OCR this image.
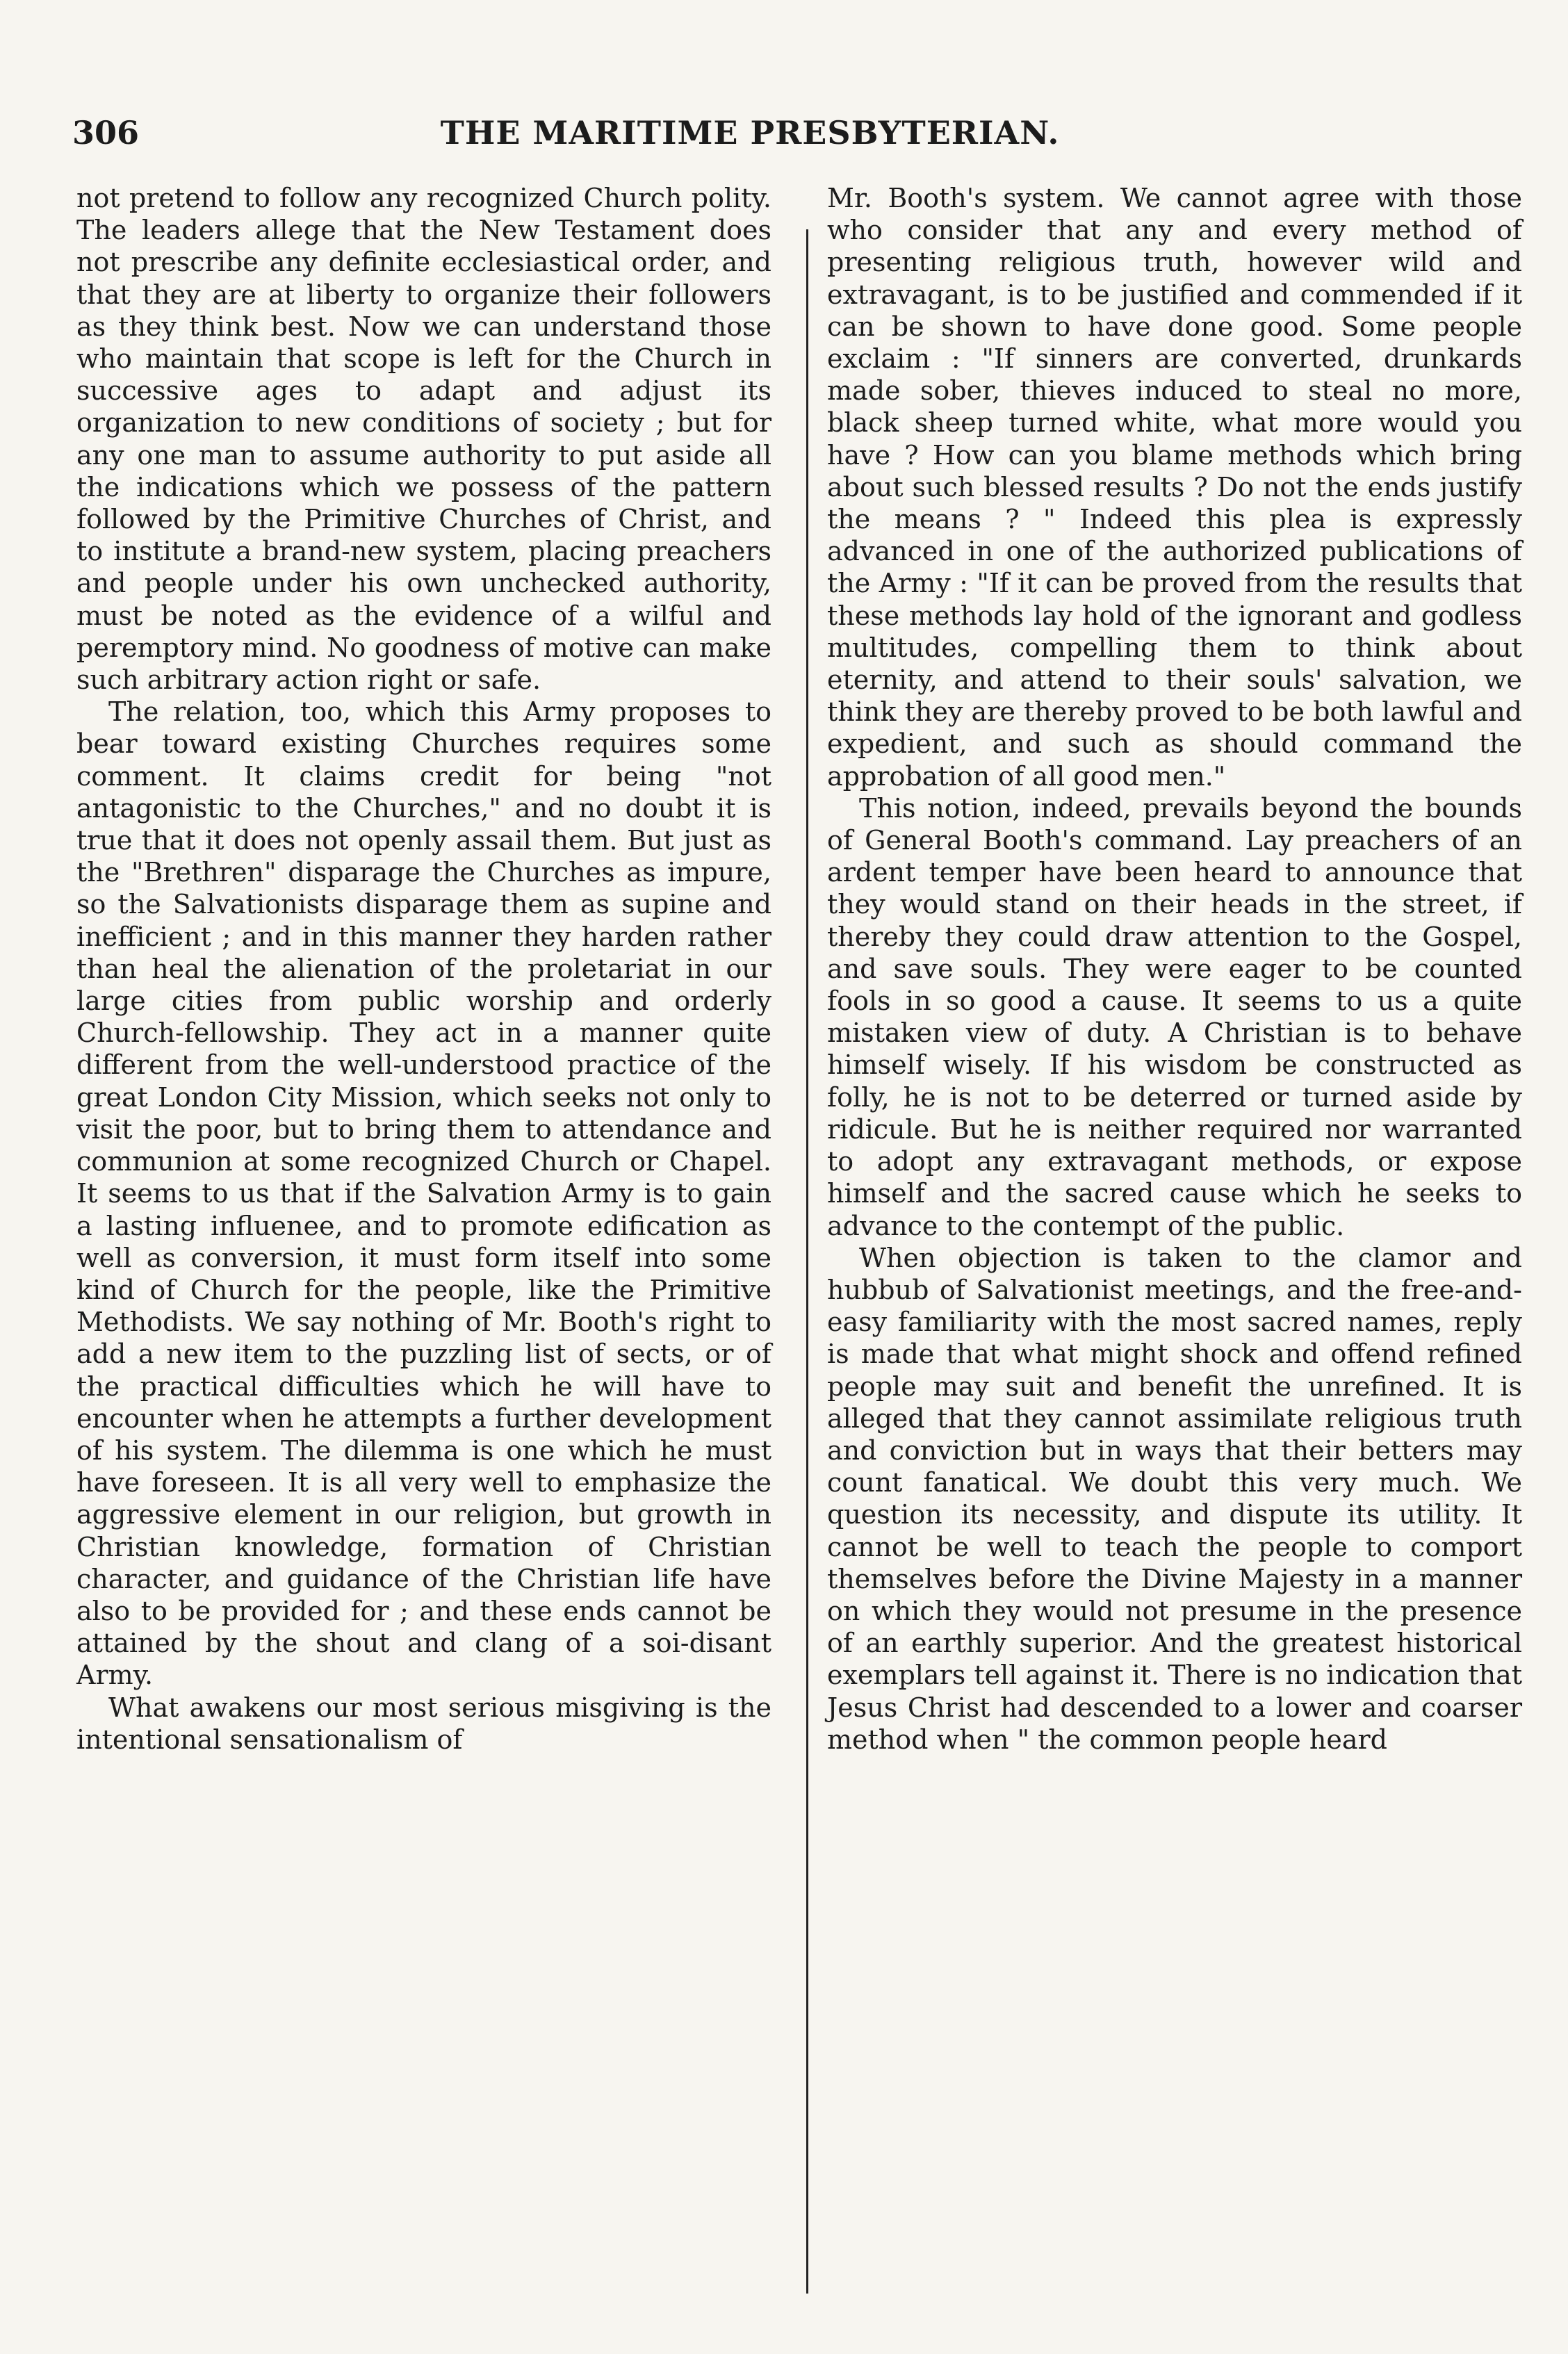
306	THE MARITIME PRESBYTERIAN.

not pretend to follow any recognized Church polity. The leaders allege that the New Testament does not prescribe any definite ecclesiastical order, and that they are at liberty to organize their followers as they think best. Now we can understand those who maintain that scope is left for the Church in successive ages to adapt and adjust its organization to new conditions of society ; but for any one man to assume authority to put aside all the indications which we possess of the pattern followed by the Primitive Churches of Christ, and to institute a brand-new system, placing preachers and people under his own unchecked authority, must be noted as the evidence of a wilful and peremptory mind. No goodness of motive can make such arbitrary action right or safe.

The relation, too, which this Army proposes to bear toward existing Churches requires some comment. It claims credit for being "not antagonistic to the Churches," and no doubt it is true that it does not openly assail them. But just as the "Brethren" disparage the Churches as impure, so the Salvationists disparage them as supine and inefficient ; and in this manner they harden rather than heal the alienation of the proletariat in our large cities from public worship and orderly Church-fellowship. They act in a manner quite different from the well-understood practice of the great London City Mission, which seeks not only to visit the poor, but to bring them to attendance and communion at some recognized Church or Chapel. It seems to us that if the Salvation Army is to gain a lasting influenee, and to promote edification as well as conversion, it must form itself into some kind of Church for the people, like the Primitive Methodists. We say nothing of Mr. Booth's right to add a new item to the puzzling list of sects, or of the practical difficulties which he will have to encounter when he attempts a further development of his system. The dilemma is one which he must have foreseen. It is all very well to emphasize the aggressive element in our religion, but growth in Christian knowledge, formation of Christian character, and guidance of the Christian life have also to be provided for ; and these ends cannot be attained by the shout and clang of a soi-disant Army.

What awakens our most serious misgiving is the intentional sensationalism of

Mr. Booth's system. We cannot agree with those who consider that any and every method of presenting religious truth, however wild and extravagant, is to be justified and commended if it can be shown to have done good. Some people exclaim : "If sinners are converted, drunkards made sober, thieves induced to steal no more, black sheep turned white, what more would you have ? How can you blame methods which bring about such blessed results ? Do not the ends justify the means ? " Indeed this plea is expressly advanced in one of the authorized publications of the Army : "If it can be proved from the results that these methods lay hold of the ignorant and godless multitudes, compelling them to think about eternity, and attend to their souls' salvation, we think they are thereby proved to be both lawful and expedient, and such as should command the approbation of all good men."

This notion, indeed, prevails beyond the bounds of General Booth's command. Lay preachers of an ardent temper have been heard to announce that they would stand on their heads in the street, if thereby they could draw attention to the Gospel, and save souls. They were eager to be counted fools in so good a cause. It seems to us a quite mistaken view of duty. A Christian is to behave himself wisely. If his wisdom be constructed as folly, he is not to be deterred or turned aside by ridicule. But he is neither required nor warranted to adopt any extravagant methods, or expose himself and the sacred cause which he seeks to advance to the contempt of the public.

When objection is taken to the clamor and hubbub of Salvationist meetings, and the free-and-easy familiarity with the most sacred names, reply is made that what might shock and offend refined people may suit and benefit the unrefined. It is alleged that they cannot assimilate religious truth and conviction but in ways that their betters may count fanatical. We doubt this very much. We question its necessity, and dispute its utility. It cannot be well to teach the people to comport themselves before the Divine Majesty in a manner on which they would not presume in the presence of an earthly superior. And the greatest historical exemplars tell against it. There is no indication that Jesus Christ had descended to a lower and coarser method when " the common people heard
